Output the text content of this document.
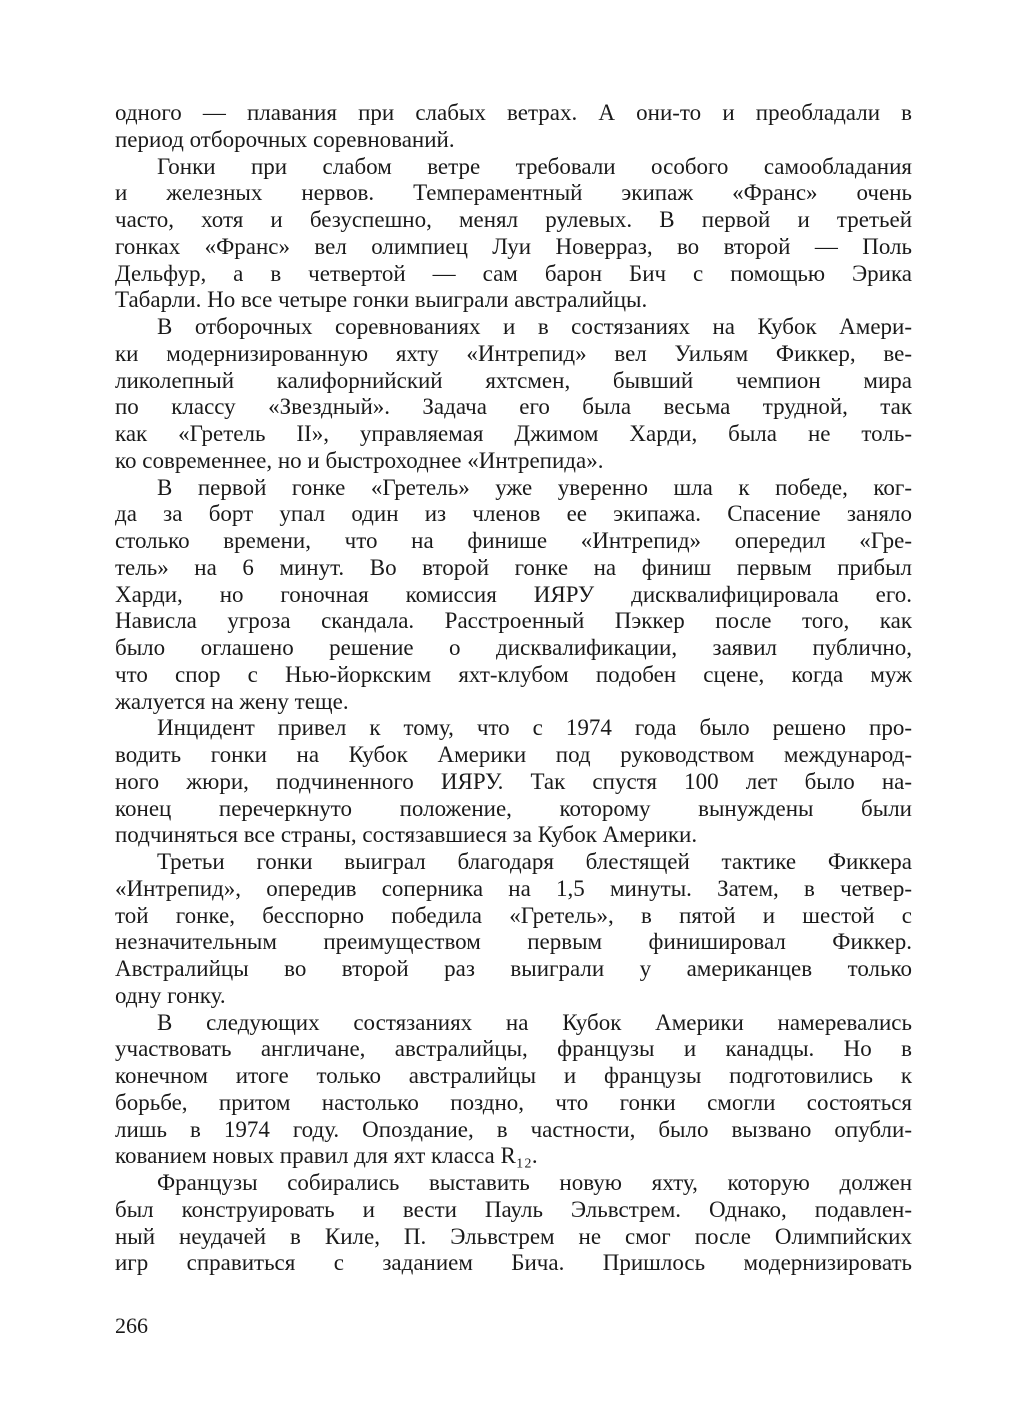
одного — плавания при слабых ветрах. А они-то и преобладали в
период отборочных соревнований.
Гонки при слабом ветре требовали особого самообладания
и железных нервов. Темпераментный экипаж «Франс» очень
часто, хотя и безуспешно, менял рулевых. В первой и третьей
гонках «Франс» вел олимпиец Луи Новерраз, во второй — Поль
Дельфур, а в четвертой — сам барон Бич с помощью Эрика
Табарли. Но все четыре гонки выиграли австралийцы.
В отборочных соревнованиях и в состязаниях на Кубок Амери-
ки модернизированную яхту «Интрепид» вел Уильям Фиккер, ве-
ликолепный калифорнийский яхтсмен, бывший чемпион мира
по классу «Звездный». Задача его была весьма трудной, так
как «Гретель II», управляемая Джимом Харди, была не толь-
ко современнее, но и быстроходнее «Интрепида».
В первой гонке «Гретель» уже уверенно шла к победе, ког-
да за борт упал один из членов ее экипажа. Спасение заняло
столько времени, что на финише «Интрепид» опередил «Гре-
тель» на 6 минут. Во второй гонке на финиш первым прибыл
Харди, но гоночная комиссия ИЯРУ дисквалифицировала его.
Нависла угроза скандала. Расстроенный Пэккер после того, как
было оглашено решение о дисквалификации, заявил публично,
что спор с Нью-йоркским яхт-клубом подобен сцене, когда муж
жалуется на жену теще.
Инцидент привел к тому, что с 1974 года было решено про-
водить гонки на Кубок Америки под руководством международ-
ного жюри, подчиненного ИЯРУ. Так спустя 100 лет было на-
конец перечеркнуто положение, которому вынуждены были
подчиняться все страны, состязавшиеся за Кубок Америки.
Третьи гонки выиграл благодаря блестящей тактике Фиккера
«Интрепид», опередив соперника на 1,5 минуты. Затем, в четвер-
той гонке, бесспорно победила «Гретель», в пятой и шестой с
незначительным преимуществом первым финишировал Фиккер.
Австралийцы во второй раз выиграли у американцев только
одну гонку.
В следующих состязаниях на Кубок Америки намеревались
участвовать англичане, австралийцы, французы и канадцы. Но в
конечном итоге только австралийцы и французы подготовились к
борьбе, притом настолько поздно, что гонки смогли состояться
лишь в 1974 году. Опоздание, в частности, было вызвано опубли-
кованием новых правил для яхт класса R₁₂.
Французы собирались выставить новую яхту, которую должен
был конструировать и вести Пауль Эльвстрем. Однако, подавлен-
ный неудачей в Киле, П. Эльвстрем не смог после Олимпийских
игр справиться с заданием Бича. Пришлось модернизировать
266
